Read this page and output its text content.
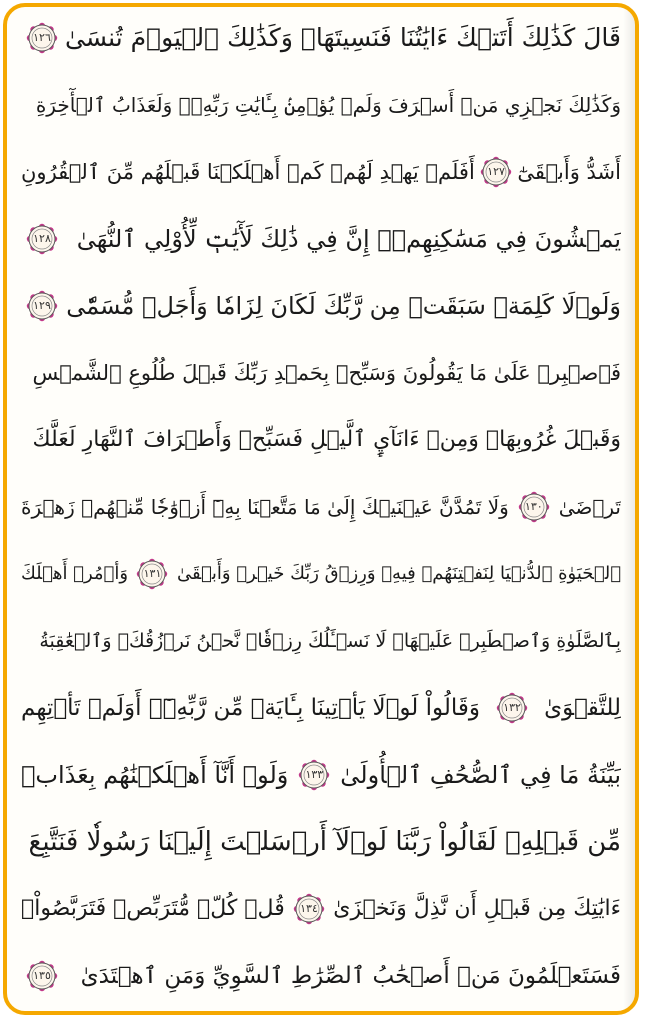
قَالَ كَذَٰلِكَ أَتَتۡكَ ءَايَٰتُنَا فَنَسِيتَهَاۖ وَكَذَٰلِكَ ٱلۡيَوۡمَ تُنسَىٰ
١٢٦
وَكَذَٰلِكَ نَجۡزِي مَنۡ أَسۡرَفَ وَلَمۡ يُؤۡمِنۢ بِـَٔايَٰتِ رَبِّهِۦۚ وَلَعَذَابُ ٱلۡأٓخِرَةِ
أَشَدُّ وَأَبۡقَىٰٓ
١٢٧
أَفَلَمۡ يَهۡدِ لَهُمۡ كَمۡ أَهۡلَكۡنَا قَبۡلَهُم مِّنَ ٱلۡقُرُونِ
يَمۡشُونَ فِي مَسَٰكِنِهِمۡۚ إِنَّ فِي ذَٰلِكَ لَأٓيَٰتٖ لِّأُوْلِي ٱلنُّهَىٰ
١٢٨
وَلَوۡلَا كَلِمَةٞ سَبَقَتۡ مِن رَّبِّكَ لَكَانَ لِزَامٗا وَأَجَلٞ مُّسَمّٗى
١٢٩
فَٱصۡبِرۡ عَلَىٰ مَا يَقُولُونَ وَسَبِّحۡ بِحَمۡدِ رَبِّكَ قَبۡلَ طُلُوعِ ٱلشَّمۡسِ
وَقَبۡلَ غُرُوبِهَاۖ وَمِنۡ ءَانَآيِٕ ٱلَّيۡلِ فَسَبِّحۡ وَأَطۡرَافَ ٱلنَّهَارِ لَعَلَّكَ
تَرۡضَىٰ
١٣٠
وَلَا تَمُدَّنَّ عَيۡنَيۡكَ إِلَىٰ مَا مَتَّعۡنَا بِهِۦٓ أَزۡوَٰجٗا مِّنۡهُمۡ زَهۡرَةَ
ٱلۡحَيَوٰةِ ٱلدُّنۡيَا لِنَفۡتِنَهُمۡ فِيهِۚ وَرِزۡقُ رَبِّكَ خَيۡرٞ وَأَبۡقَىٰ
١٣١
وَأۡمُرۡ أَهۡلَكَ
بِٱلصَّلَوٰةِ وَٱصۡطَبِرۡ عَلَيۡهَاۖ لَا نَسۡـَٔلُكَ رِزۡقٗاۖ نَّحۡنُ نَرۡزُقُكَۗ وَٱلۡعَٰقِبَةُ
لِلتَّقۡوَىٰ
١٣٢
وَقَالُواْ لَوۡلَا يَأۡتِينَا بِـَٔايَةٖ مِّن رَّبِّهِۦٓۚ أَوَلَمۡ تَأۡتِهِم
بَيِّنَةُ مَا فِي ٱلصُّحُفِ ٱلۡأُولَىٰ
١٣٣
وَلَوۡ أَنَّآ أَهۡلَكۡنَٰهُم بِعَذَابٖ
مِّن قَبۡلِهِۦ لَقَالُواْ رَبَّنَا لَوۡلَآ أَرۡسَلۡتَ إِلَيۡنَا رَسُولٗا فَنَتَّبِعَ
ءَايَٰتِكَ مِن قَبۡلِ أَن نَّذِلَّ وَنَخۡزَىٰ
١٣٤
قُلۡ كُلّٞ مُّتَرَبِّصٞ فَتَرَبَّصُواْۖ
فَسَتَعۡلَمُونَ مَنۡ أَصۡحَٰبُ ٱلصِّرَٰطِ ٱلسَّوِيِّ وَمَنِ ٱهۡتَدَىٰ
١٣٥
